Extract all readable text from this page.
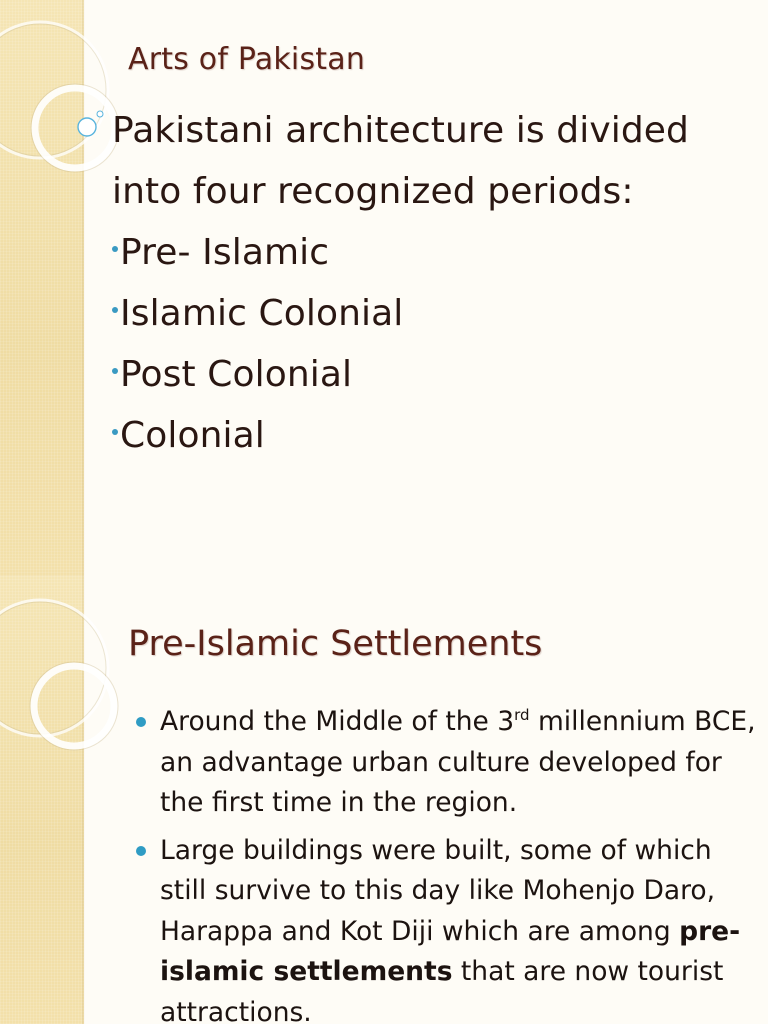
Arts of Pakistan

Pakistani architecture is divided into four recognized periods:

Pre- Islamic
Islamic Colonial
Post Colonial
Colonial
Pre-Islamic Settlements
Around the Middle of the 3rd millennium BCE, an advantage urban culture developed for the first time in the region.
Large buildings were built, some of which still survive to this day like Mohenjo Daro, Harappa and Kot Diji which are among pre-islamic settlements that are now tourist attractions.
